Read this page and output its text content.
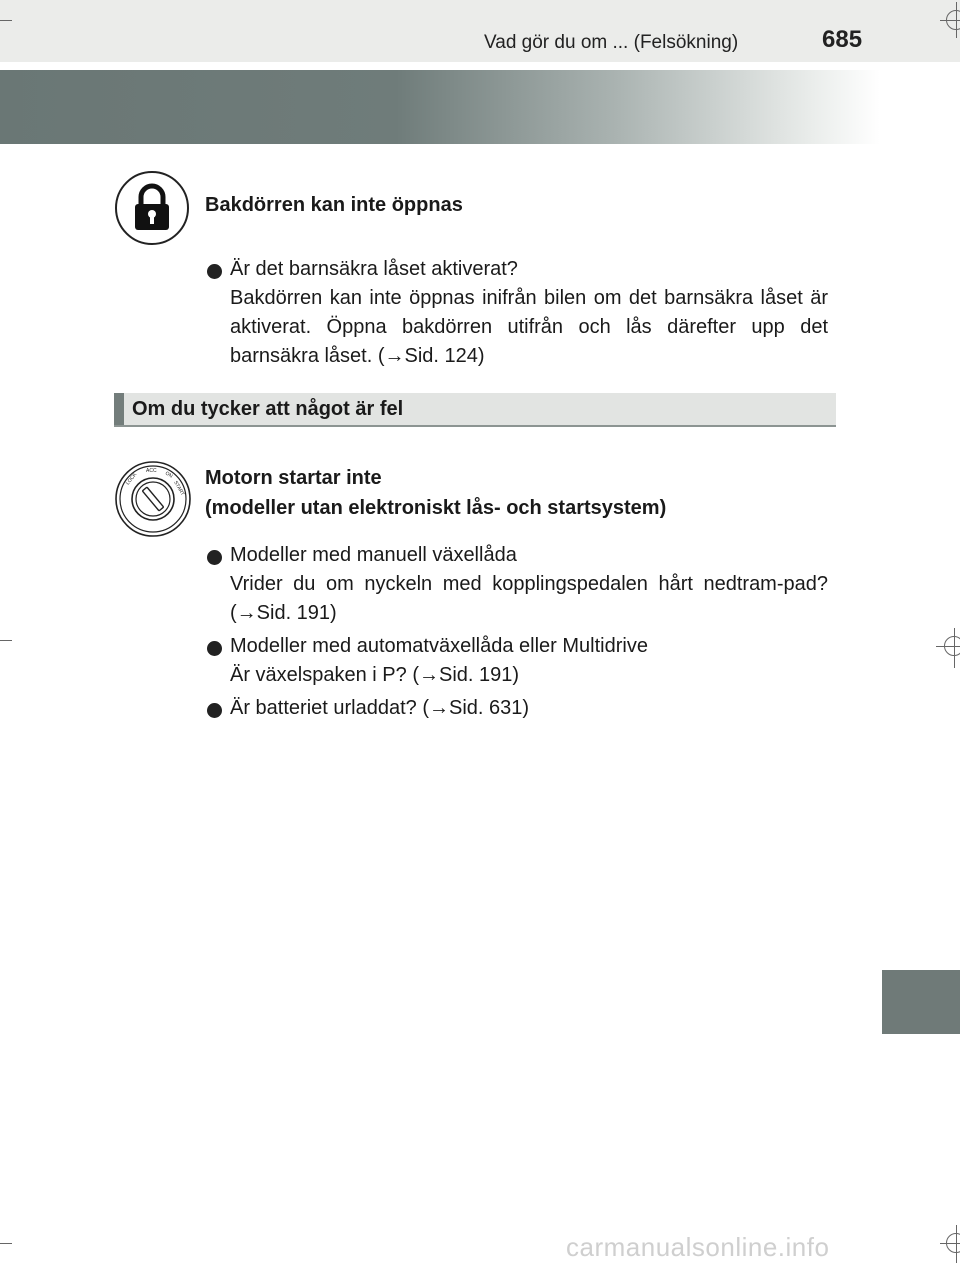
Vad gör du om ... (Felsökning)	685
Bakdörren kan inte öppnas
Är det barnsäkra låset aktiverat?
Bakdörren kan inte öppnas inifrån bilen om det barnsäkra låset är aktiverat. Öppna bakdörren utifrån och lås därefter upp det barnsäkra låset. (→Sid. 124)
Om du tycker att något är fel
LOCK
ACC ON
START Motorn startar inte
(modeller utan elektroniskt lås- och startsystem)
Modeller med manuell växellåda
Vrider du om nyckeln med kopplingspedalen hårt nedtram-pad? (→Sid. 191)
Modeller med automatväxellåda eller Multidrive
Är växelspaken i P? (→Sid. 191)
Är batteriet urladdat? (→Sid. 631)
carmanualsonline.info
